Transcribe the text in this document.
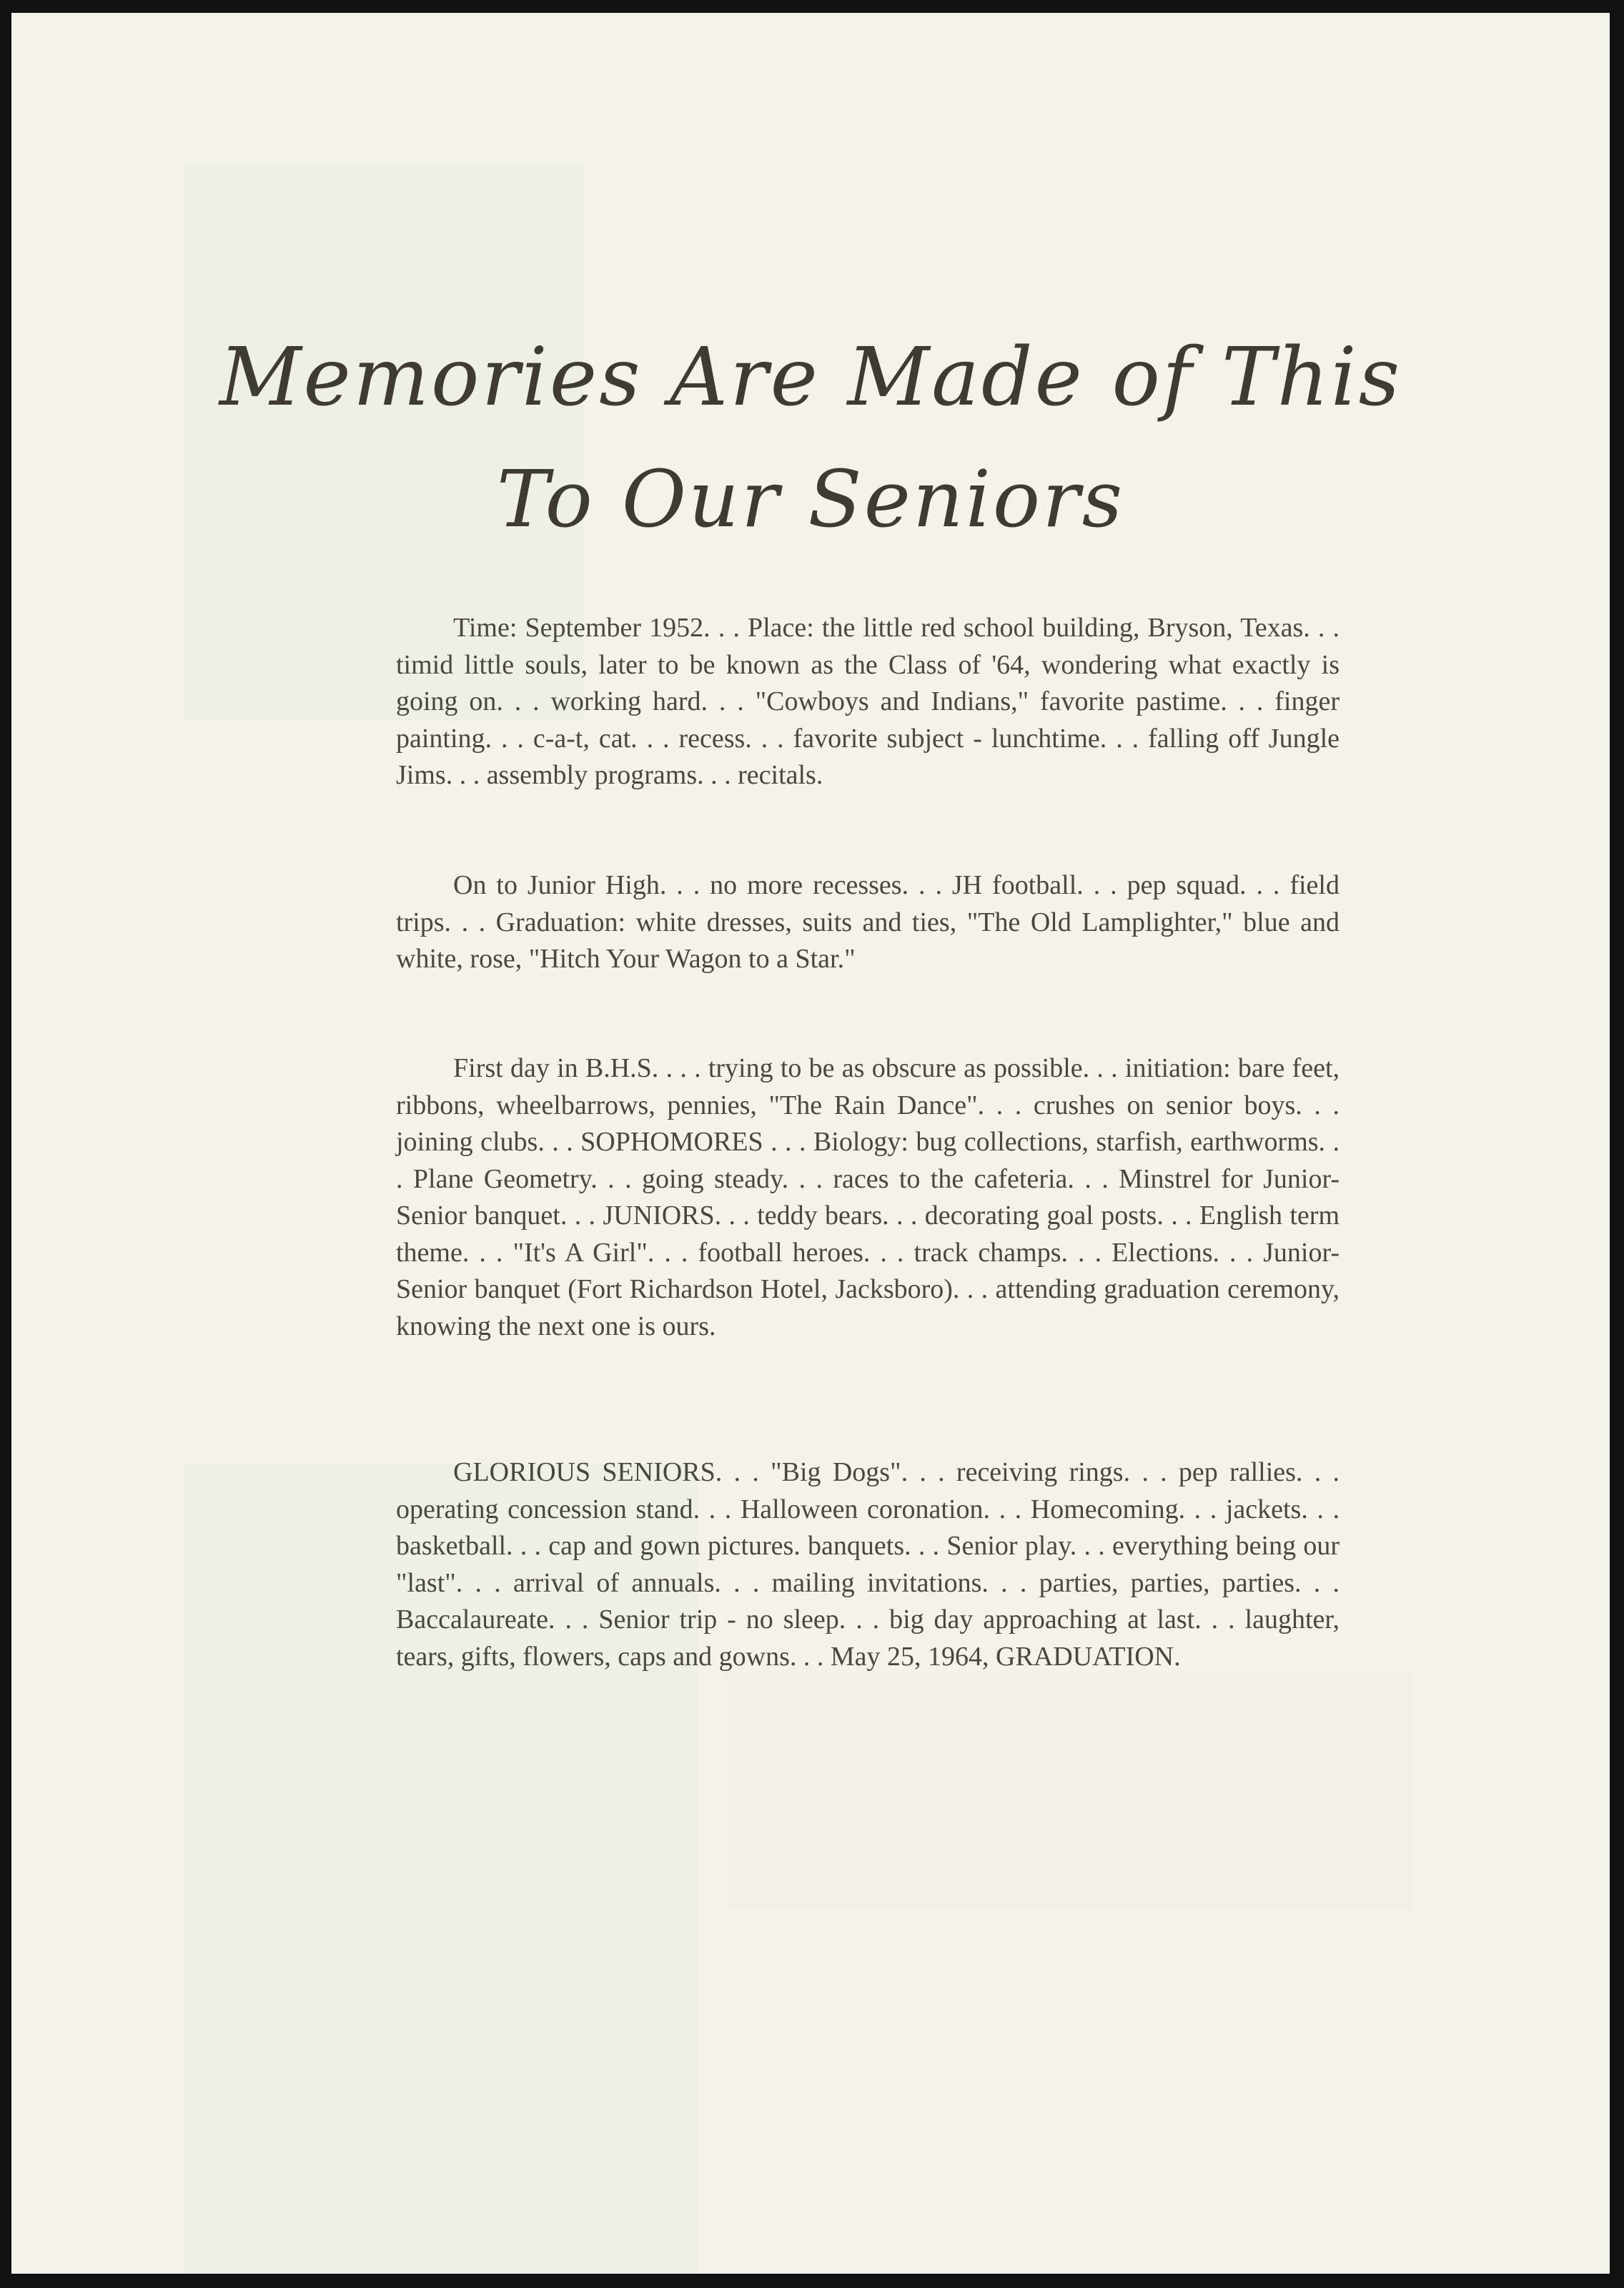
Memories Are Made of This
To Our Seniors

Time: September 1952. . . Place: the little red school building, Bryson, Texas. . . timid little souls, later to be known as the Class of '64, wondering what exactly is going on. . . working hard. . . "Cowboys and Indians," favorite pastime. . . finger painting. . . c-a-t, cat. . . recess. . . favorite subject - lunchtime. . . falling off Jungle Jims. . . assembly programs. . . recitals.

On to Junior High. . . no more recesses. . . JH football. . . pep squad. . . field trips. . . Graduation: white dresses, suits and ties, "The Old Lamplighter," blue and white, rose, "Hitch Your Wagon to a Star."

First day in B.H.S. . . . trying to be as obscure as possible. . . initiation: bare feet, ribbons, wheelbarrows, pennies, "The Rain Dance". . . crushes on senior boys. . . joining clubs. . . SOPHOMORES . . . Biology: bug collections, starfish, earthworms. . . Plane Geometry. . . going steady. . . races to the cafeteria. . . Minstrel for Junior-Senior banquet. . . JUNIORS. . . teddy bears. . . decorating goal posts. . . English term theme. . . "It's A Girl". . . football heroes. . . track champs. . . Elections. . . Junior-Senior banquet (Fort Richardson Hotel, Jacksboro). . . attending graduation ceremony, knowing the next one is ours.

GLORIOUS SENIORS. . . "Big Dogs". . . receiving rings. . . pep rallies. . . operating concession stand. . . Halloween coronation. . . Homecoming. . . jackets. . . basketball. . . cap and gown pictures. banquets. . . Senior play. . . everything being our "last". . . arrival of annuals. . . mailing invitations. . . parties, parties, parties. . . Baccalaureate. . . Senior trip - no sleep. . . big day approaching at last. . . laughter, tears, gifts, flowers, caps and gowns. . . May 25, 1964, GRADUATION.
